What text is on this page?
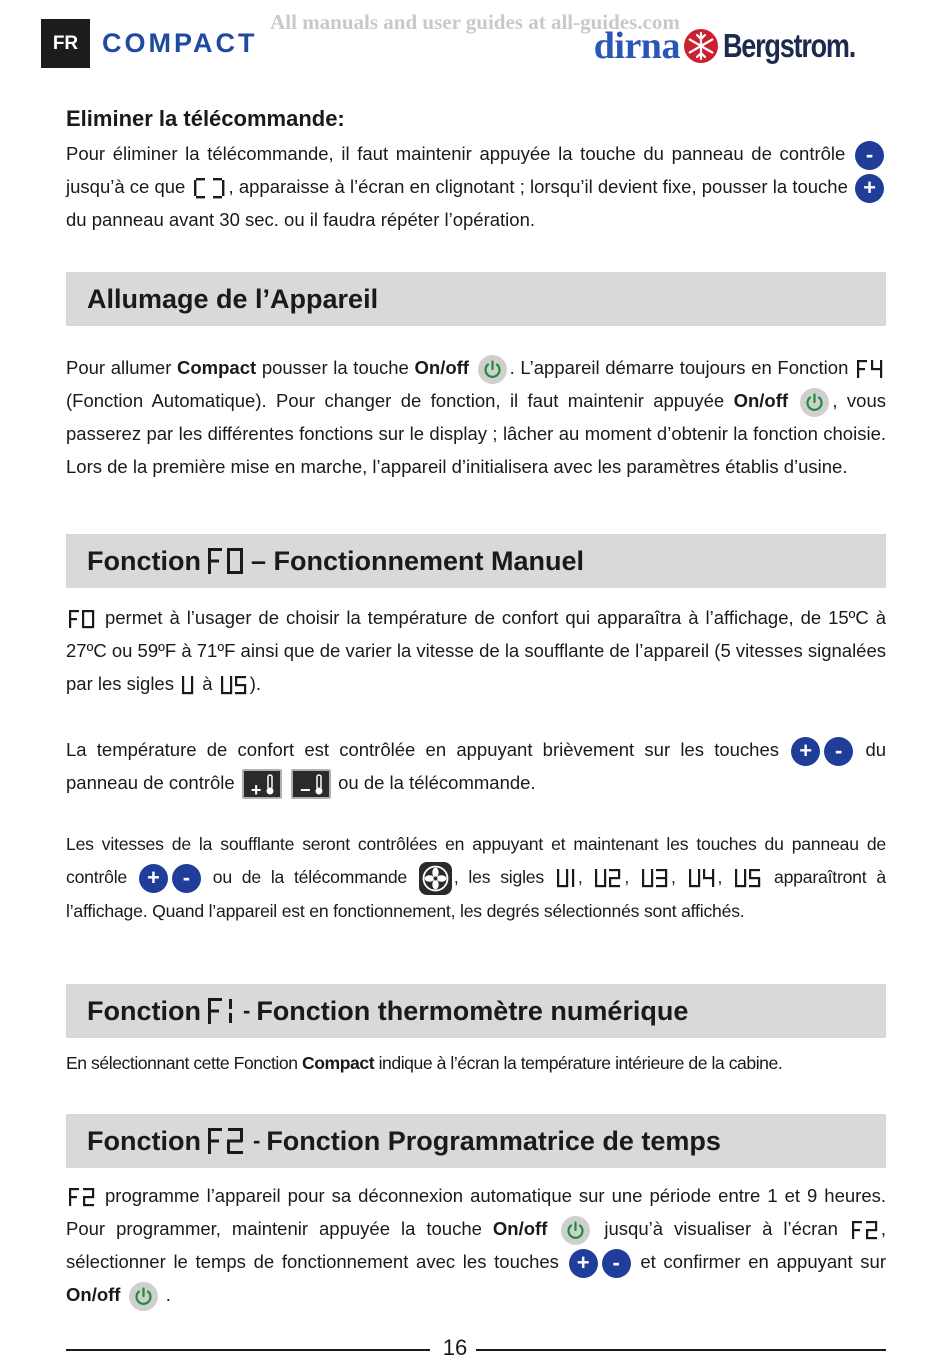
All manuals and user guides at all-guides.com
FR COMPACT	dirna Bergstrom.
Eliminer la télécommande:

Pour éliminer la télécommande, il faut maintenir appuyée la touche du panneau de contrôle - jusqu’à ce que , apparaisse à l’écran en clignotant ; lorsqu’il devient fixe, pousser la touche + du panneau avant 30 sec. ou il faudra répéter l’opération.

Allumage de l’Appareil

Pour allumer Compact pousser la touche On/off . L’appareil démarre toujours en Fonction  (Fonction Automatique). Pour changer de fonction, il faut maintenir appuyée On/off , vous passerez par les différentes fonctions sur le display ; lâcher au moment d’obtenir la fonction choisie. Lors de la première mise en marche, l’appareil d’initialisera avec les paramètres établis d’usine.

Fonction – Fonctionnement Manuel

permet à l’usager de choisir la température de confort qui apparaîtra à l’affichage, de 15ºC à 27ºC ou 59ºF à 71ºF ainsi que de varier la vitesse de la soufflante de l’appareil (5 vitesses signalées par les sigles à ).

La température de confort est contrôlée en appuyant brièvement sur les touches + - du panneau de contrôle +
− ou de la télécommande.

Les vitesses de la soufflante seront contrôlées en appuyant et maintenant les touches du panneau de contrôle + - ou de la télécommande	, les sigles , , , ,  apparaîtront à l’affichage. Quand l’appareil est en fonctionnement, les degrés sélectionnés sont affichés.

Fonction - Fonction thermomètre numérique

En sélectionnant cette Fonction Compact indique à l’écran la température intérieure de la cabine.

Fonction - Fonction Programmatrice de temps

programme l’appareil pour sa déconnexion automatique sur une période entre 1 et 9 heures. Pour programmer, maintenir appuyée la touche On/off	jusqu’à visualiser à l’écran , sélectionner le temps de fonctionnement avec les touches + - et confirmer en appuyant sur On/off .

16
